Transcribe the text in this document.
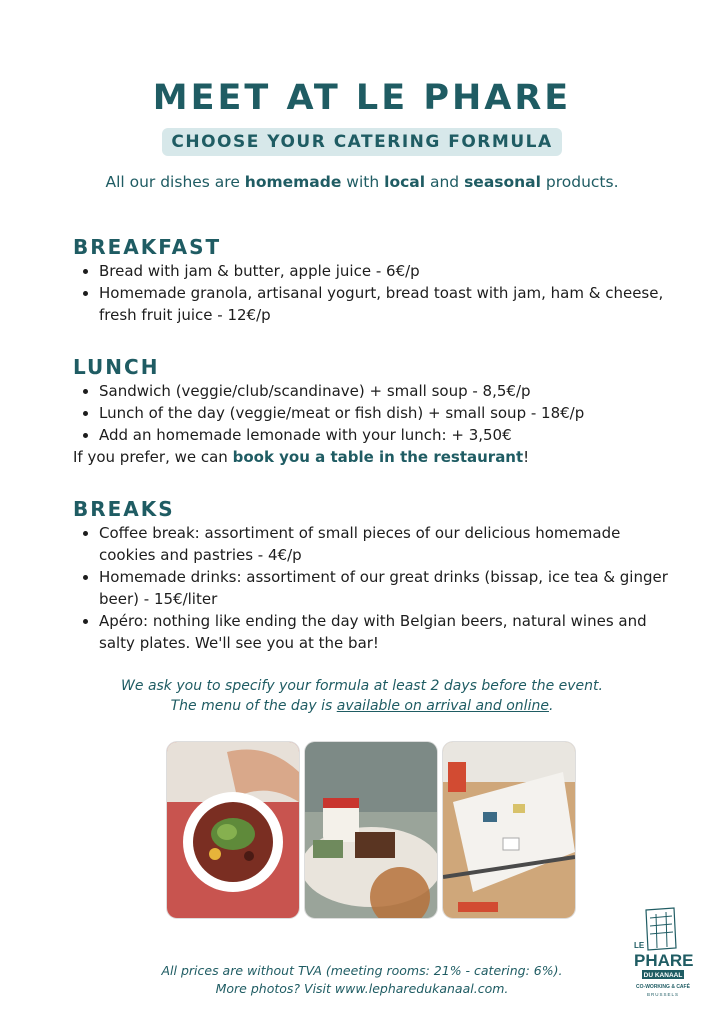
MEET AT LE PHARE
CHOOSE YOUR CATERING FORMULA
All our dishes are homemade with local and seasonal products.
BREAKFAST
• Bread with jam & butter, apple juice - 6€/p
• Homemade granola, artisanal yogurt, bread toast with jam, ham & cheese, fresh fruit juice - 12€/p
LUNCH
• Sandwich (veggie/club/scandinave) + small soup - 8,5€/p
• Lunch of the day (veggie/meat or fish dish) + small soup - 18€/p
• Add an homemade lemonade with your lunch: + 3,50€
If you prefer, we can book you a table in the restaurant!
BREAKS
• Coffee break: assortiment of small pieces of our delicious homemade cookies and pastries - 4€/p
• Homemade drinks: assortiment of our great drinks (bissap, ice tea & ginger beer) - 15€/liter
• Apéro: nothing like ending the day with Belgian beers, natural wines and salty plates. We'll see you at the bar!
We ask you to specify your formula at least 2 days before the event.
The menu of the day is available on arrival and online.
All prices are without TVA (meeting rooms: 21% - catering: 6%).
More photos? Visit www.lepharedukanaal.com.
LE
PHARE
DU KANAAL
CO-WORKING & CAFÉ
BRUSSELS
